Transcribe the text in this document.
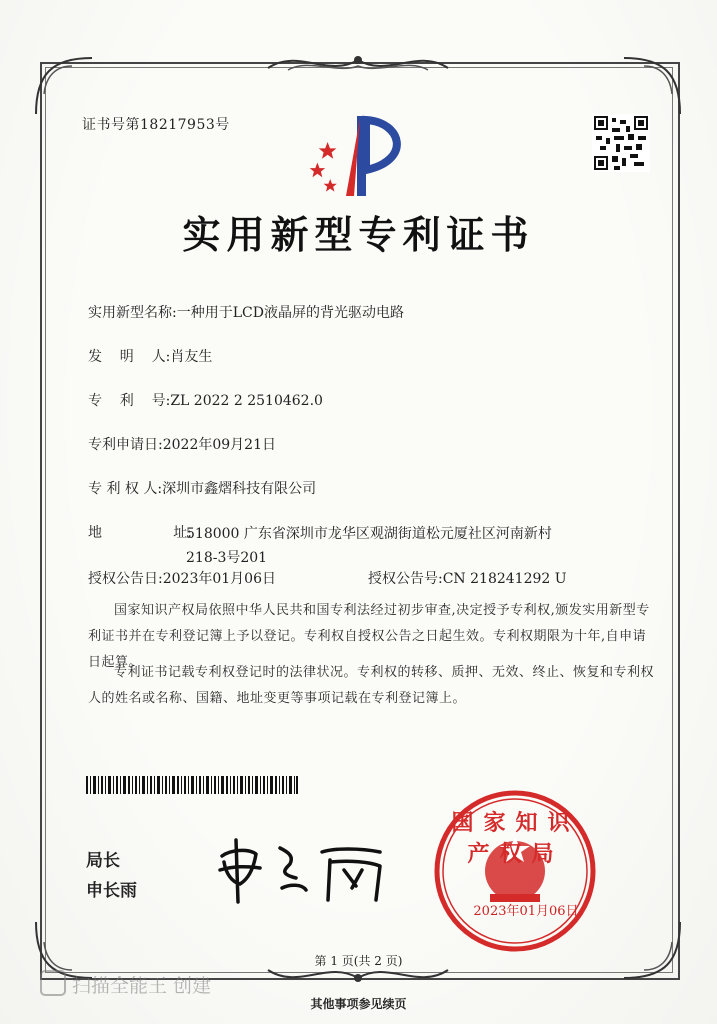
证书号第18217953号
实用新型专利证书
实用新型名称:一种用于LCD液晶屏的背光驱动电路
发    明    人:肖友生
专    利    号:ZL 2022 2 2510462.0
专利申请日:2022年09月21日
专 利 权 人:深圳市鑫熠科技有限公司
地                址:
518000 广东省深圳市龙华区观湖街道松元厦社区河南新村218-3号201
授权公告日:2023年01月06日	授权公告号:CN 218241292 U
国家知识产权局依照中华人民共和国专利法经过初步审查,决定授予专利权,颁发实用新型专利证书并在专利登记簿上予以登记。专利权自授权公告之日起生效。专利权期限为十年,自申请日起算。
专利证书记载专利权登记时的法律状况。专利权的转移、质押、无效、终止、恢复和专利权人的姓名或名称、国籍、地址变更等事项记载在专利登记簿上。
局长
申长雨
国家知识产权局
2023年01月06日
第 1 页(共 2 页)
扫描全能王 创建
其他事项参见续页
